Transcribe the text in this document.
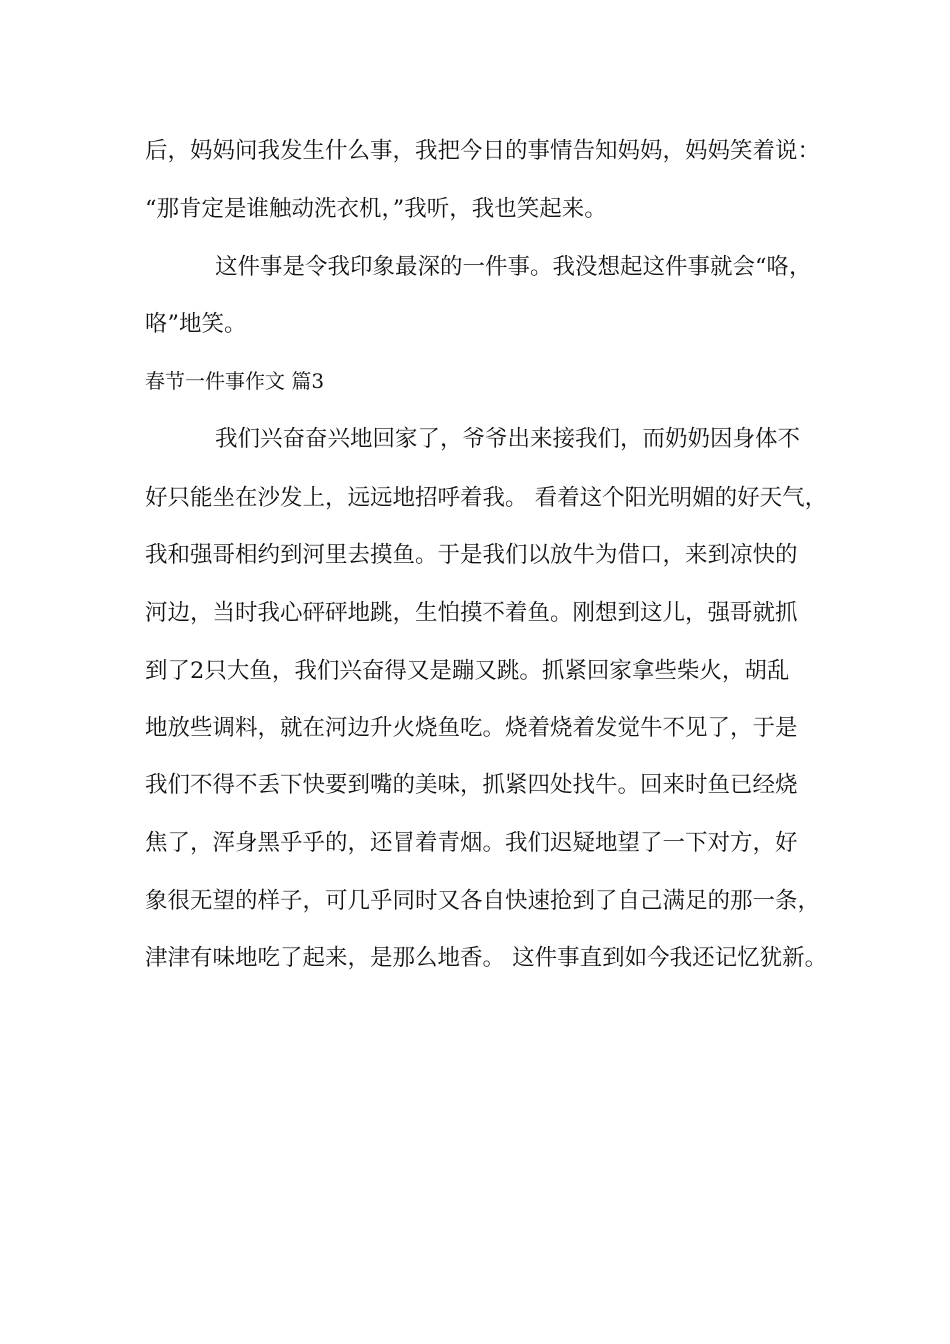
后，妈妈问我发生什么事，我把今日的事情告知妈妈，妈妈笑着说：
“那肯定是谁触动洗衣机，”我听，我也笑起来。
这件事是令我印象最深的一件事。我没想起这件事就会“咯，
咯”地笑。
春节一件事作文 篇3
我们兴奋奋兴地回家了，爷爷出来接我们，而奶奶因身体不
好只能坐在沙发上，远远地招呼着我。 看着这个阳光明媚的好天气，
我和强哥相约到河里去摸鱼。于是我们以放牛为借口，来到凉快的
河边，当时我心砰砰地跳，生怕摸不着鱼。刚想到这儿，强哥就抓
到了2只大鱼，我们兴奋得又是蹦又跳。抓紧回家拿些柴火，胡乱
地放些调料，就在河边升火烧鱼吃。烧着烧着发觉牛不见了，于是
我们不得不丢下快要到嘴的美味，抓紧四处找牛。回来时鱼已经烧
焦了，浑身黑乎乎的，还冒着青烟。我们迟疑地望了一下对方，好
象很无望的样子，可几乎同时又各自快速抢到了自己满足的那一条，
津津有味地吃了起来，是那么地香。 这件事直到如今我还记忆犹新。
